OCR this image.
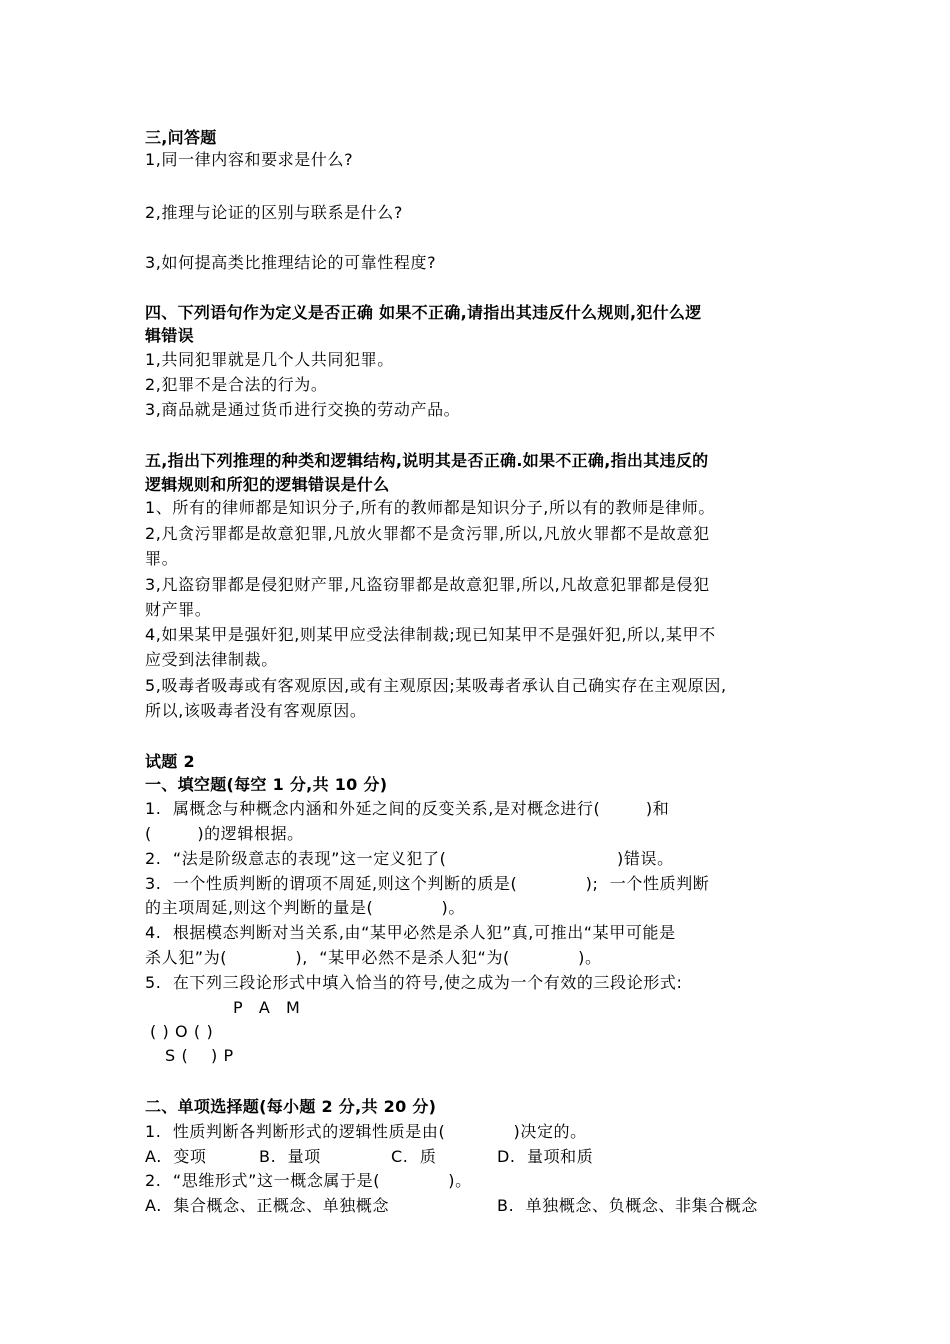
三,问答题
1,同一律内容和要求是什么?
2,推理与论证的区别与联系是什么?
3,如何提高类比推理结论的可靠性程度?
四、下列语句作为定义是否正确 如果不正确,请指出其违反什么规则,犯什么逻
辑错误
1,共同犯罪就是几个人共同犯罪。
2,犯罪不是合法的行为。
3,商品就是通过货币进行交换的劳动产品。
五,指出下列推理的种类和逻辑结构,说明其是否正确.如果不正确,指出其违反的
逻辑规则和所犯的逻辑错误是什么
1、所有的律师都是知识分子,所有的教师都是知识分子,所以有的教师是律师。
2,凡贪污罪都是故意犯罪,凡放火罪都不是贪污罪,所以,凡放火罪都不是故意犯
罪。
3,凡盗窃罪都是侵犯财产罪,凡盗窃罪都是故意犯罪,所以,凡故意犯罪都是侵犯
财产罪。
4,如果某甲是强奸犯,则某甲应受法律制裁;现已知某甲不是强奸犯,所以,某甲不
应受到法律制裁。
5,吸毒者吸毒或有客观原因,或有主观原因;某吸毒者承认自己确实存在主观原因,
所以,该吸毒者没有客观原因。
试题 2
一、填空题(每空 1 分,共 10 分)
1.  属概念与种概念内涵和外延之间的反变关系,是对概念进行(        )和
(        )的逻辑根据。
2.  “法是阶级意志的表现”这一定义犯了(                              )错误。
3.  一个性质判断的谓项不周延,则这个判断的质是(            );  一个性质判断
的主项周延,则这个判断的量是(            )。
4.  根据模态判断对当关系,由“某甲必然是杀人犯”真,可推出“某甲可能是
杀人犯”为(            ),  “某甲必然不是杀人犯“为(            )。
5.  在下列三段论形式中填入恰当的符号,使之成为一个有效的三段论形式:
P  A  M
( ) O ( )
S (    ) P
二、单项选择题(每小题 2 分,共 20 分)
1.  性质判断各判断形式的逻辑性质是由(            )决定的。
A.  变项	B.  量项	C.  质	D.  量项和质
2.  “思维形式”这一概念属于是(            )。
A.  集合概念、正概念、单独概念	B.  单独概念、负概念、非集合概念
